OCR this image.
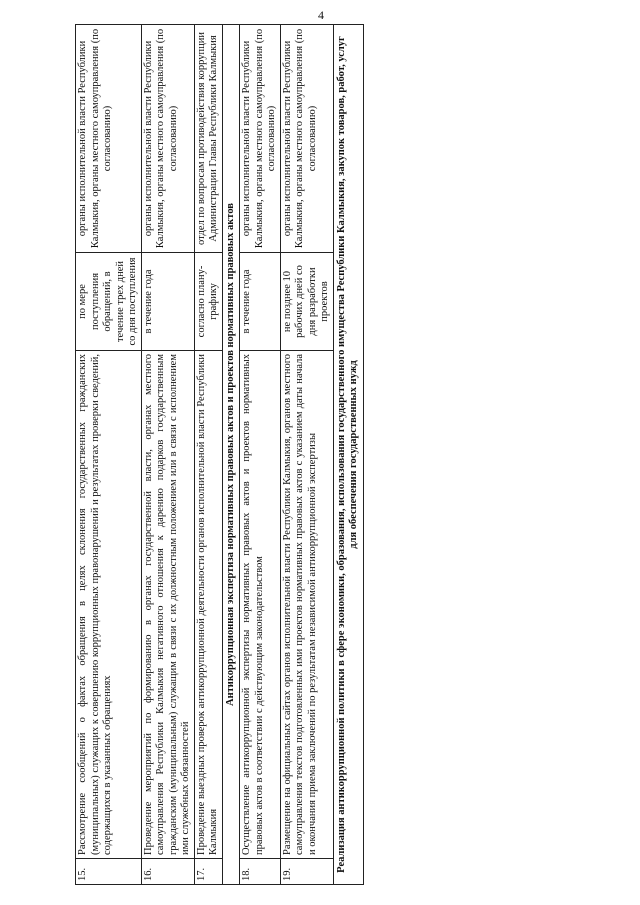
4
15.	Рассмотрение сообщений о фактах обращения в целях склонения государственных гражданских (муниципальных) служащих к совершению коррупционных правонарушений и результатах проверки сведений, содержащихся в указанных обращениях	по мере поступления обращений, в течение трех дней со дня поступления	органы исполнительной власти Республики Калмыкия, органы местного самоуправления (по согласованию)
16.	Проведение мероприятий по формированию в органах государственной власти, органах местного самоуправления Республики Калмыкия негативного отношения к дарению подарков государственным гражданским (муниципальным) служащим в связи с их должностным положением или в связи с исполнением ими служебных обязанностей	в течение года	органы исполнительной власти Республики Калмыкия, органы местного самоуправления (по согласованию)
17.	Проведение выездных проверок антикоррупционной деятельности органов исполнительной власти Республики Калмыкия	согласно плану-графику	отдел по вопросам противодействия коррупции Администрации Главы Республики Калмыкия
Антикоррупционная экспертиза нормативных правовых актов и проектов нормативных правовых актов			
18.	Осуществление антикоррупционной экспертизы нормативных правовых актов и проектов нормативных правовых актов в соответствии с действующим законодательством	в течение года	органы исполнительной власти Республики Калмыкия, органы местного самоуправления (по согласованию)
19.	Размещение на официальных сайтах органов исполнительной власти Республики Калмыкия, органов местного самоуправления текстов подготовленных ими проектов нормативных правовых актов с указанием даты начала и окончания приема заключений по результатам независимой антикоррупционной экспертизы	не позднее 10 рабочих дней со дня разработки проектов	органы исполнительной власти Республики Калмыкия, органы местного самоуправления (по согласованию)
Реализация антикоррупционной политики в сфере экономики, образования, использования государственного имущества Республики Калмыкия, закупок товаров, работ, услуг для обеспечения государственных нужд			
